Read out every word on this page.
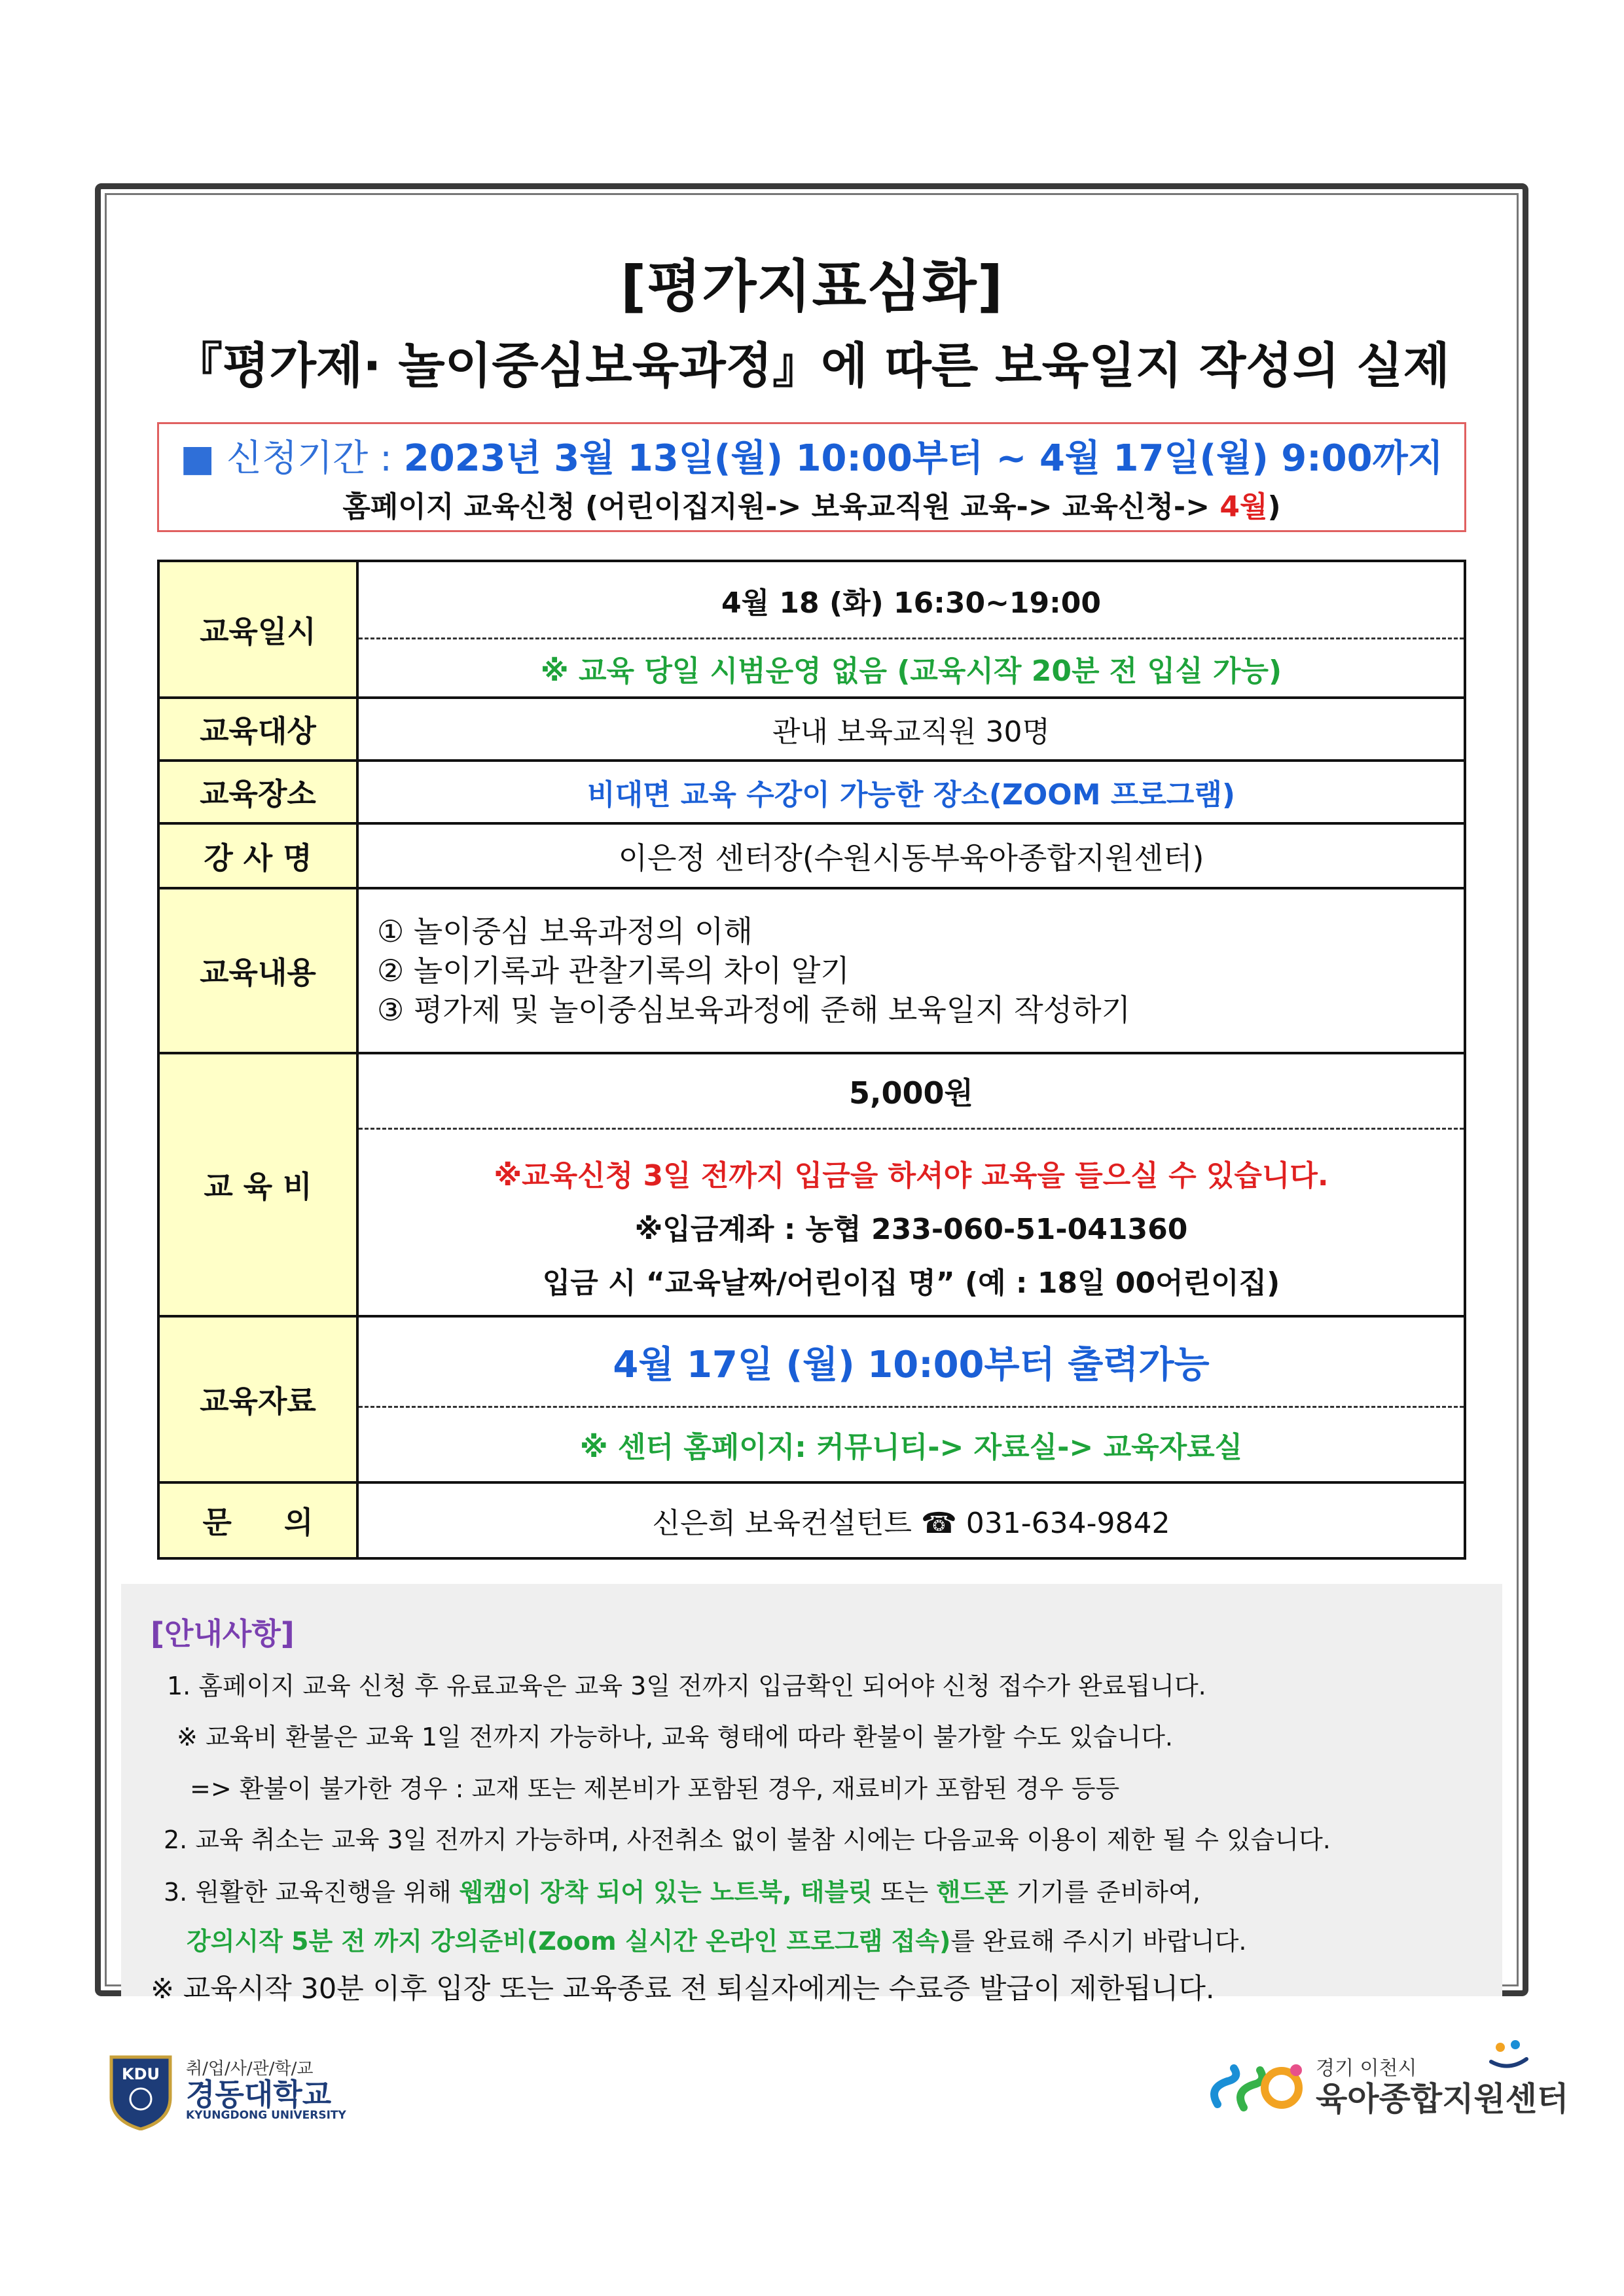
[평가지표심화]
『평가제· 놀이중심보육과정』에 따른 보육일지 작성의 실제
■ 신청기간 : 2023년 3월 13일(월) 10:00부터 ~ 4월 17일(월) 9:00까지
홈페이지 교육신청 (어린이집지원-> 보육교직원 교육-> 교육신청-> 4월)
교육일시	4월 18 (화) 16:30~19:00
※ 교육 당일 시범운영 없음 (교육시작 20분 전 입실 가능)

교육대상	관내 보육교직원 30명
교육장소	비대면 교육 수강이 가능한 장소(ZOOM 프로그램)
강 사 명	이은정 센터장(수원시동부육아종합지원센터)
교육내용	① 놀이중심 보육과정의 이해
② 놀이기록과 관찰기록의 차이 알기
③ 평가제 및 놀이중심보육과정에 준해 보육일지 작성하기

교 육 비	5,000원
※교육신청 3일 전까지 입금을 하셔야 교육을 들으실 수 있습니다.
※입금계좌 : 농협 233-060-51-041360
입금 시 “교육날짜/어린이집 명” (예 : 18일 00어린이집)

교육자료	4월 17일 (월) 10:00부터 출력가능
※ 센터 홈페이지: 커뮤니티-> 자료실-> 교육자료실

문     의	신은희 보육컨설턴트 ☎ 031-634-9842
[안내사항]
1. 홈페이지 교육 신청 후 유료교육은 교육 3일 전까지 입금확인 되어야 신청 접수가 완료됩니다.
※ 교육비 환불은 교육 1일 전까지 가능하나, 교육 형태에 따라 환불이 불가할 수도 있습니다.
=> 환불이 불가한 경우 : 교재 또는 제본비가 포함된 경우, 재료비가 포함된 경우 등등
2. 교육 취소는 교육 3일 전까지 가능하며, 사전취소 없이 불참 시에는 다음교육 이용이 제한 될 수 있습니다.
3. 원활한 교육진행을 위해 웹캠이 장착 되어 있는 노트북, 태블릿 또는 핸드폰 기기를 준비하여,
강의시작 5분 전 까지 강의준비(Zoom 실시간 온라인 프로그램 접속)를 완료해 주시기 바랍니다.
※ 교육시작 30분 이후 입장 또는 교육종료 전 퇴실자에게는 수료증 발급이 제한됩니다.
KDU 취/업/사/관/학/교
경동대학교
KYUNGDONG UNIVERSITY
경기 이천시
육아종합지원센터
